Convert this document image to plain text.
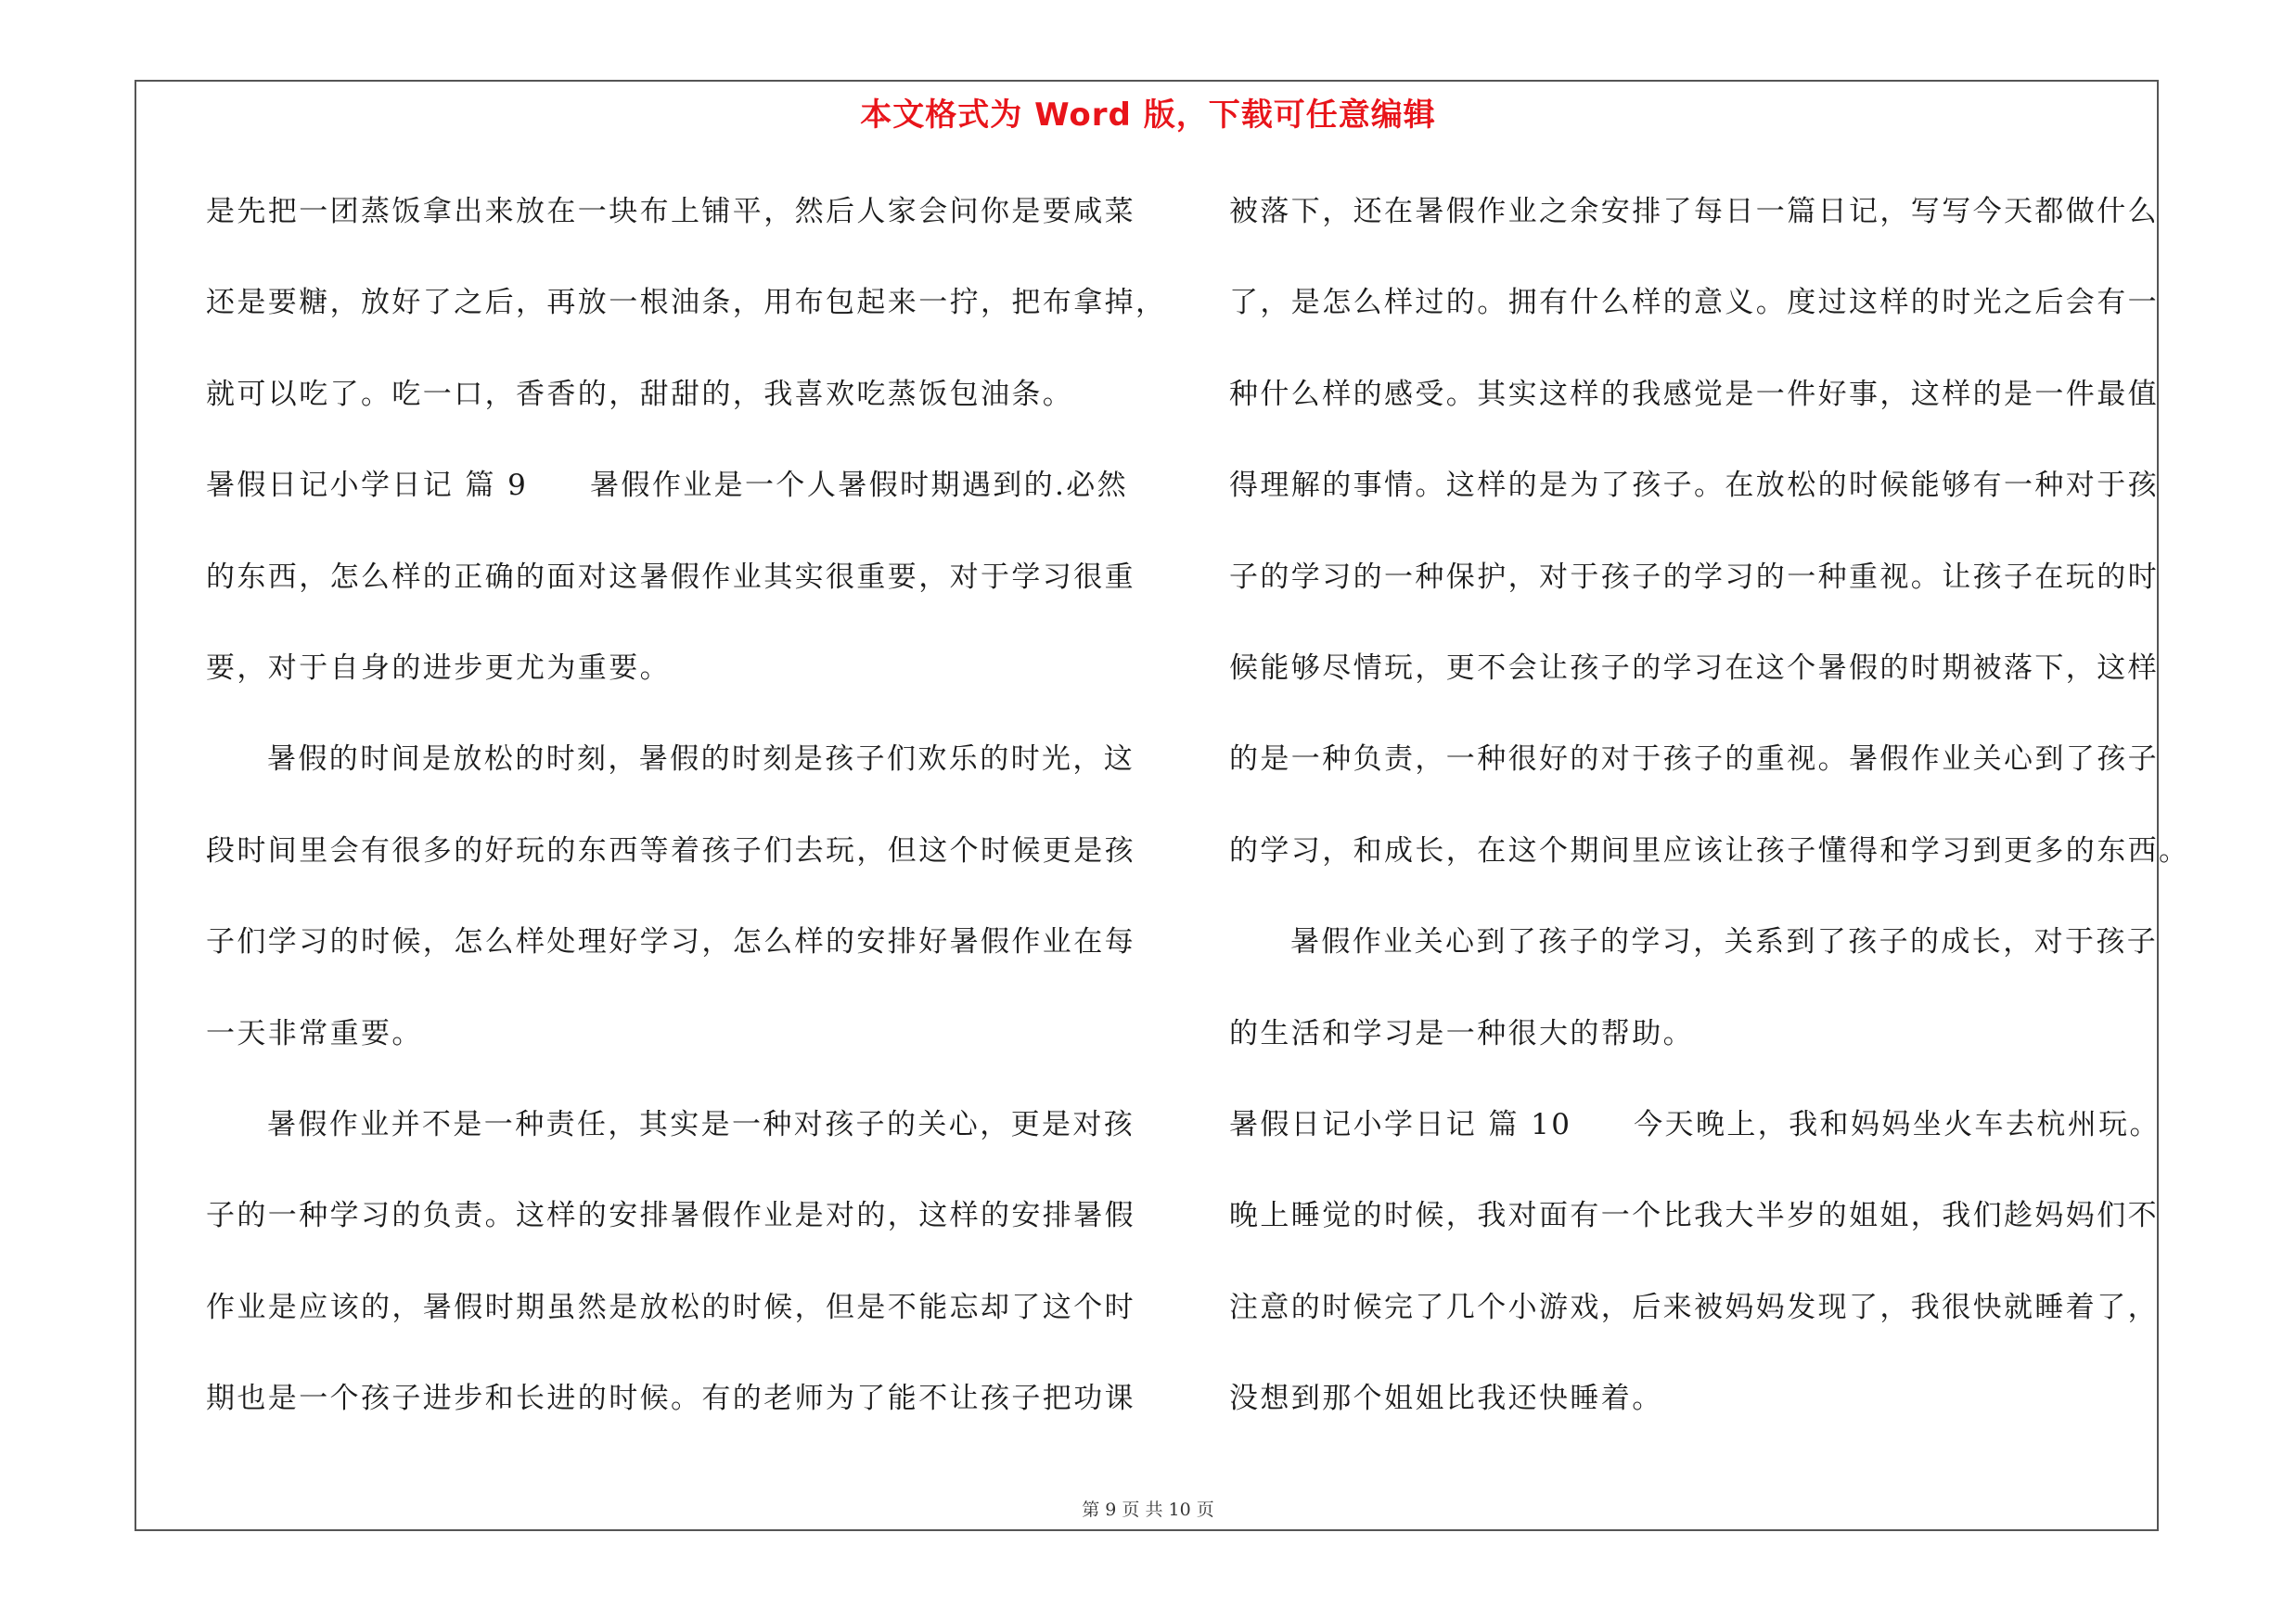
本文格式为 Word 版，下载可任意编辑
是先把一团蒸饭拿出来放在一块布上铺平，然后人家会问你是要咸菜
还是要糖，放好了之后，再放一根油条，用布包起来一拧，把布拿掉，
就可以吃了。吃一口，香香的，甜甜的，我喜欢吃蒸饭包油条。
暑假日记小学日记 篇 9　　暑假作业是一个人暑假时期遇到的.必然
的东西，怎么样的正确的面对这暑假作业其实很重要，对于学习很重
要，对于自身的进步更尤为重要。
暑假的时间是放松的时刻，暑假的时刻是孩子们欢乐的时光，这
段时间里会有很多的好玩的东西等着孩子们去玩，但这个时候更是孩
子们学习的时候，怎么样处理好学习，怎么样的安排好暑假作业在每
一天非常重要。
暑假作业并不是一种责任，其实是一种对孩子的关心，更是对孩
子的一种学习的负责。这样的安排暑假作业是对的，这样的安排暑假
作业是应该的，暑假时期虽然是放松的时候，但是不能忘却了这个时
期也是一个孩子进步和长进的时候。有的老师为了能不让孩子把功课
被落下，还在暑假作业之余安排了每日一篇日记，写写今天都做什么
了，是怎么样过的。拥有什么样的意义。度过这样的时光之后会有一
种什么样的感受。其实这样的我感觉是一件好事，这样的是一件最值
得理解的事情。这样的是为了孩子。在放松的时候能够有一种对于孩
子的学习的一种保护，对于孩子的学习的一种重视。让孩子在玩的时
候能够尽情玩，更不会让孩子的学习在这个暑假的时期被落下，这样
的是一种负责，一种很好的对于孩子的重视。暑假作业关心到了孩子
的学习，和成长，在这个期间里应该让孩子懂得和学习到更多的东西。
暑假作业关心到了孩子的学习，关系到了孩子的成长，对于孩子
的生活和学习是一种很大的帮助。
暑假日记小学日记 篇 10　　今天晚上，我和妈妈坐火车去杭州玩。
晚上睡觉的时候，我对面有一个比我大半岁的姐姐，我们趁妈妈们不
注意的时候完了几个小游戏，后来被妈妈发现了，我很快就睡着了，
没想到那个姐姐比我还快睡着。
第 9 页 共 10 页
